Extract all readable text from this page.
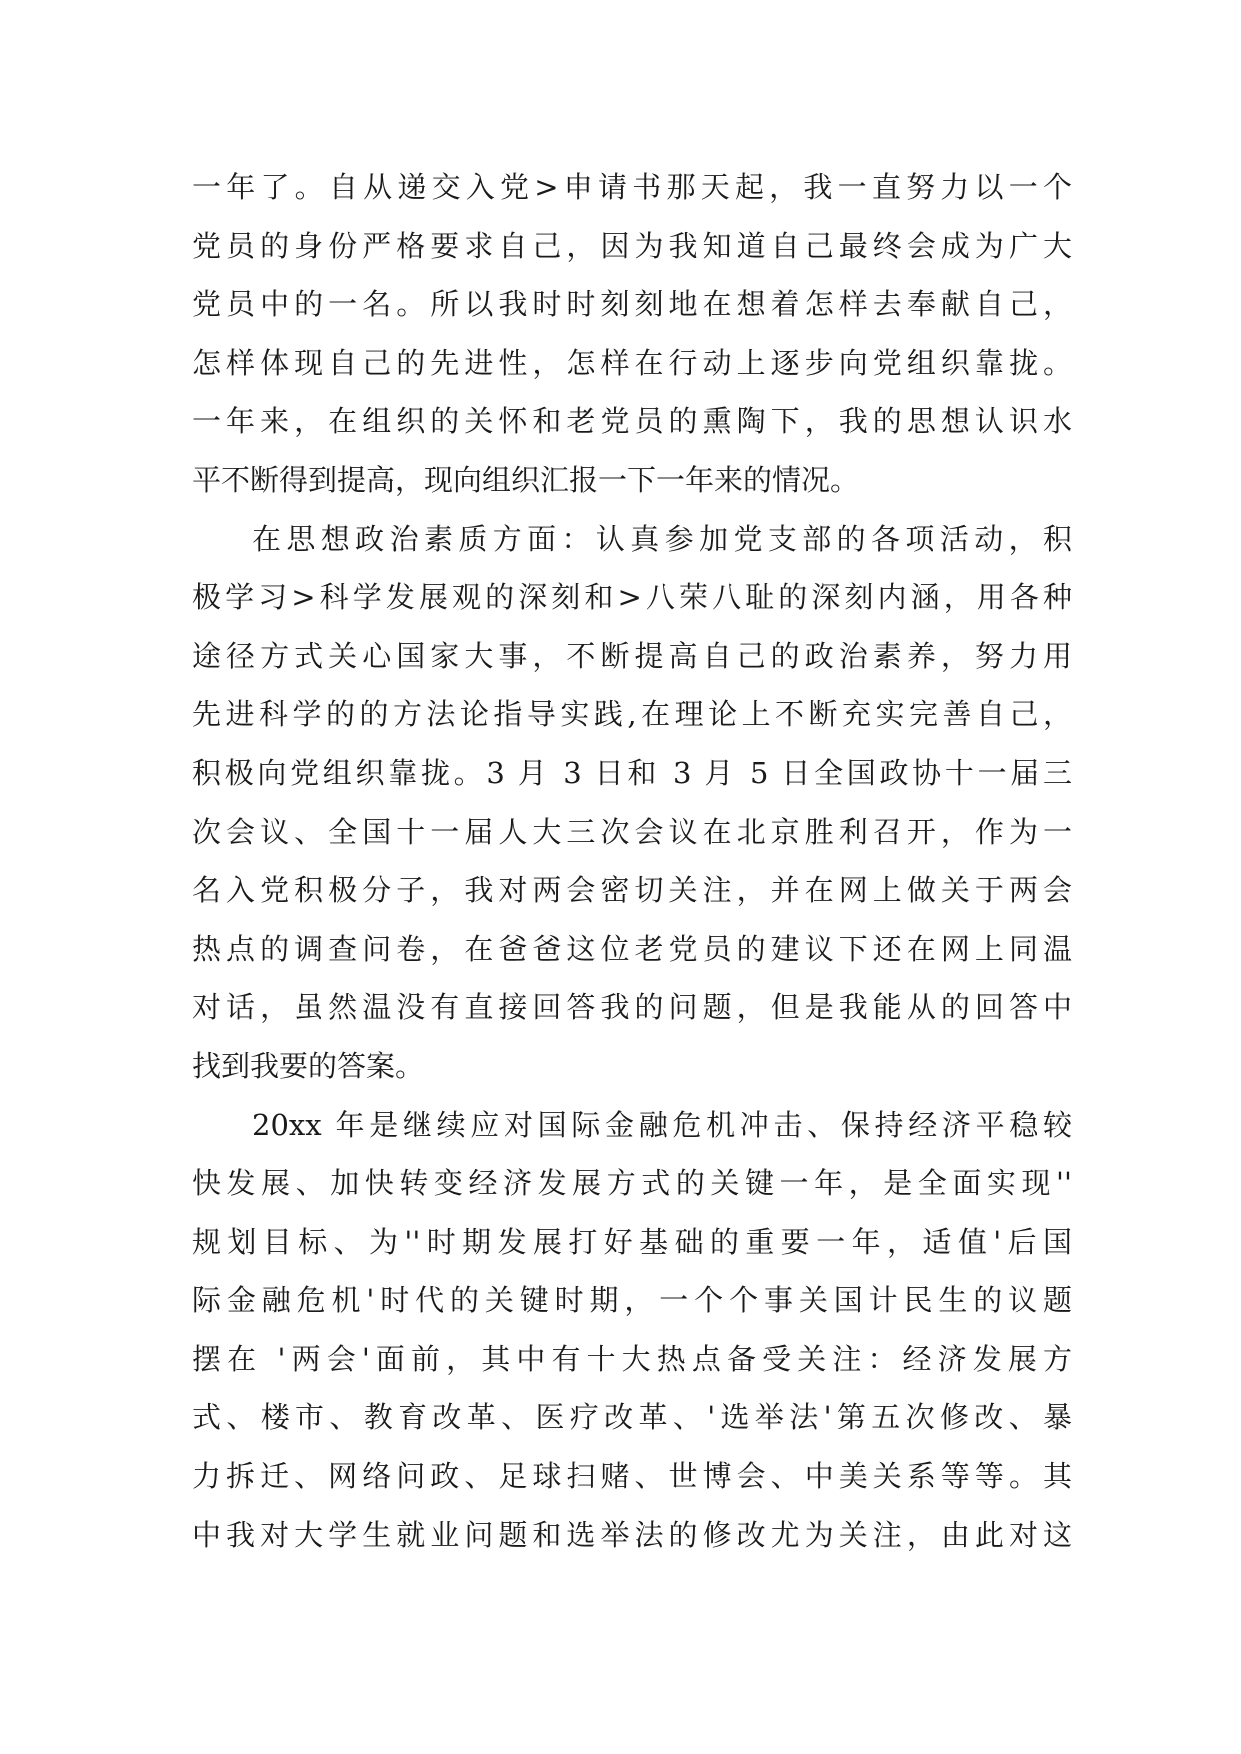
一年了。自从递交入党>申请书那天起，我一直努力以一个
党员的身份严格要求自己，因为我知道自己最终会成为广大
党员中的一名。所以我时时刻刻地在想着怎样去奉献自己，
怎样体现自己的先进性，怎样在行动上逐步向党组织靠拢。
一年来，在组织的关怀和老党员的熏陶下，我的思想认识水
平不断得到提高，现向组织汇报一下一年来的情况。
在思想政治素质方面：认真参加党支部的各项活动，积
极学习>科学发展观的深刻和>八荣八耻的深刻内涵，用各种
途径方式关心国家大事，不断提高自己的政治素养，努力用
先进科学的的方法论指导实践,在理论上不断充实完善自己，
积极向党组织靠拢。3 月 3 日和 3 月 5 日全国政协十一届三
次会议、全国十一届人大三次会议在北京胜利召开，作为一
名入党积极分子，我对两会密切关注，并在网上做关于两会
热点的调查问卷，在爸爸这位老党员的建议下还在网上同温
对话，虽然温没有直接回答我的问题，但是我能从的回答中
找到我要的答案。
20xx 年是继续应对国际金融危机冲击、保持经济平稳较
快发展、加快转变经济发展方式的关键一年，是全面实现''
规划目标、为''时期发展打好基础的重要一年，适值'后国
际金融危机'时代的关键时期，一个个事关国计民生的议题
摆在 '两会'面前，其中有十大热点备受关注：经济发展方
式、楼市、教育改革、医疗改革、'选举法'第五次修改、暴
力拆迁、网络问政、足球扫赌、世博会、中美关系等等。其
中我对大学生就业问题和选举法的修改尤为关注，由此对这
